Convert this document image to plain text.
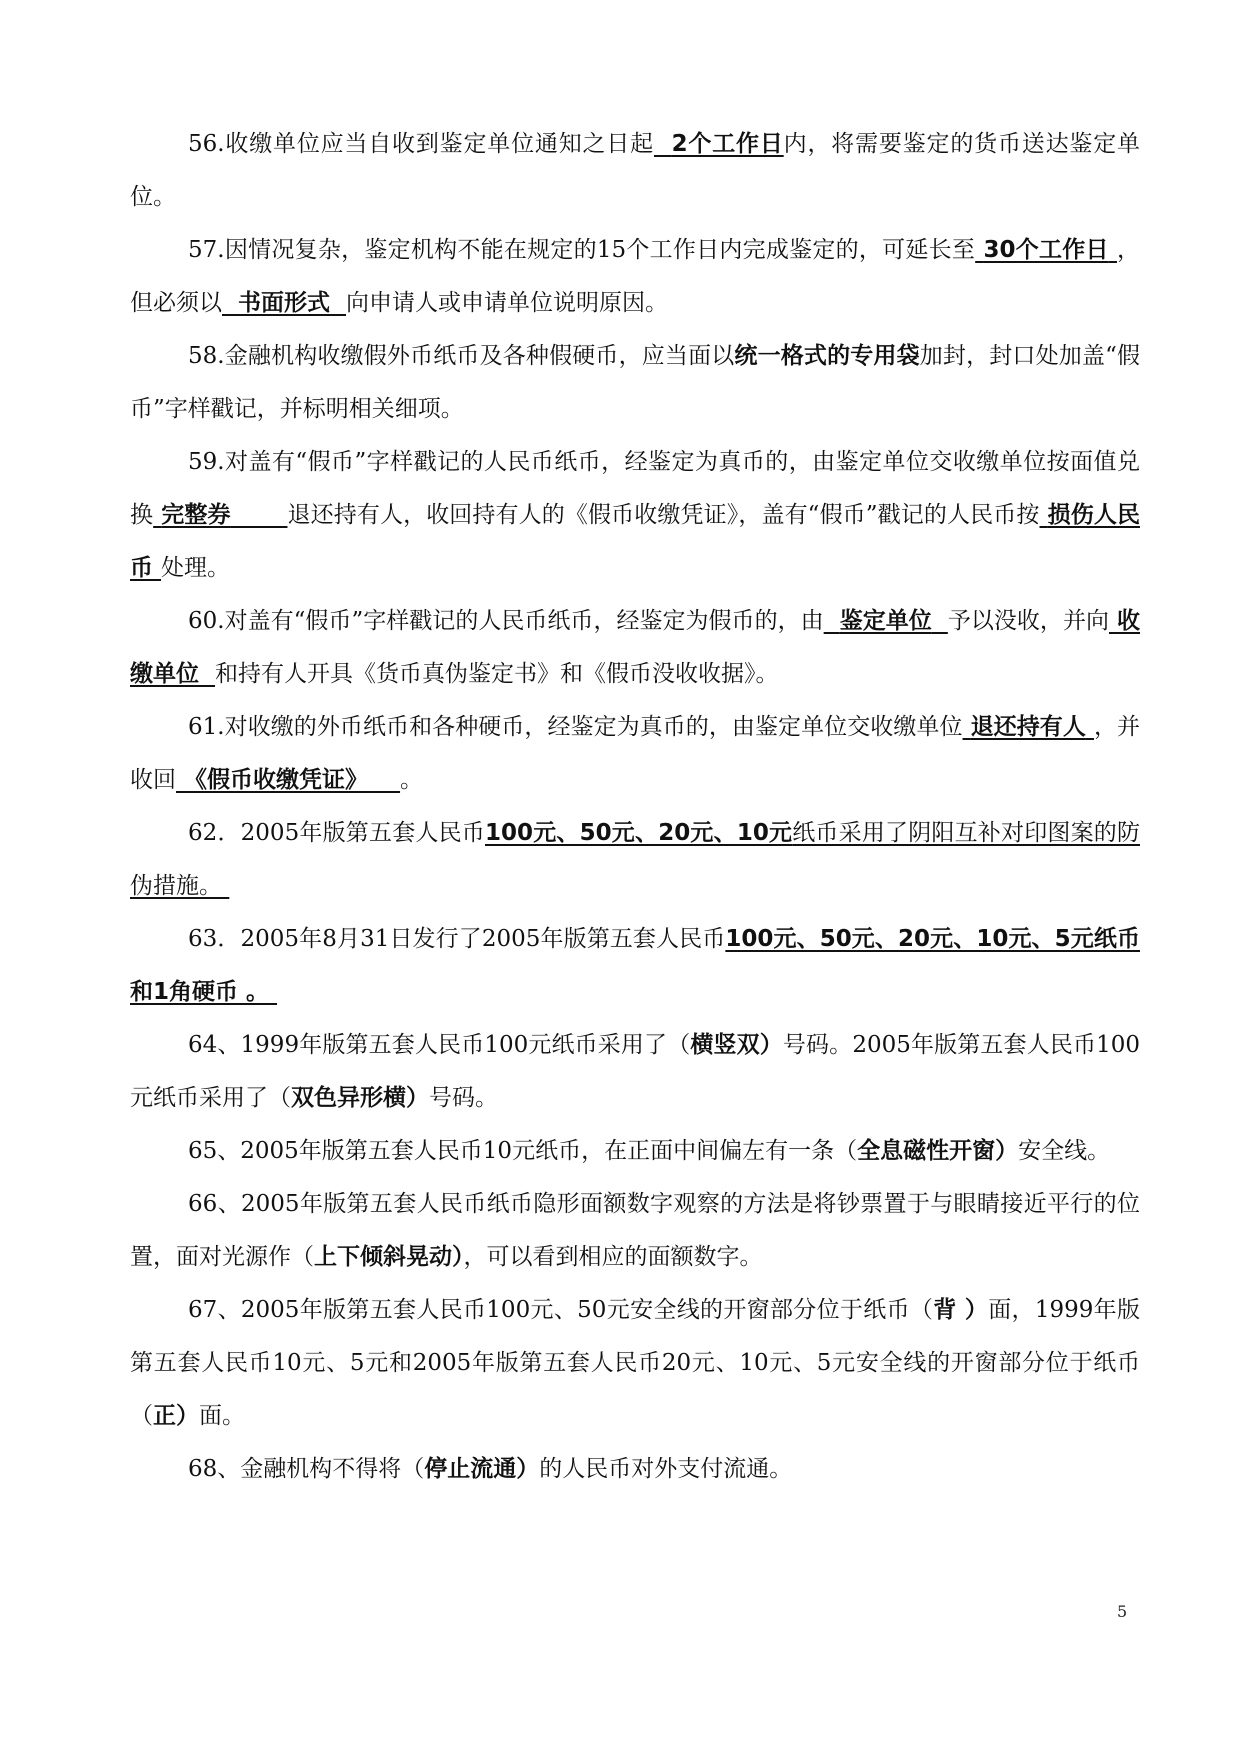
56.收缴单位应当自收到鉴定单位通知之日起 2个工作日内，将需要鉴定的货币送达鉴定单位。

57.因情况复杂，鉴定机构不能在规定的15个工作日内完成鉴定的，可延长至 30个工作日 ，但必须以 书面形式 向申请人或申请单位说明原因。

58.金融机构收缴假外币纸币及各种假硬币，应当面以统一格式的专用袋加封，封口处加盖“假币”字样戳记，并标明相关细项。

59.对盖有“假币”字样戳记的人民币纸币，经鉴定为真币的，由鉴定单位交收缴单位按面值兑换 完整券 退还持有人，收回持有人的《假币收缴凭证》，盖有“假币”戳记的人民币按 损伤人民币 处理。

60.对盖有“假币”字样戳记的人民币纸币，经鉴定为假币的，由 鉴定单位 予以没收，并向 收缴单位 和持有人开具《货币真伪鉴定书》和《假币没收收据》。

61.对收缴的外币纸币和各种硬币，经鉴定为真币的，由鉴定单位交收缴单位 退还持有人 ，并收回 《假币收缴凭证》 。

62．2005年版第五套人民币100元、50元、20元、10元纸币采用了阴阳互补对印图案的防伪措施。

63．2005年8月31日发行了2005年版第五套人民币100元、50元、20元、10元、5元纸币和1角硬币 。

64、1999年版第五套人民币100元纸币采用了（横竖双）号码。2005年版第五套人民币100元纸币采用了（双色异形横）号码。

65、2005年版第五套人民币10元纸币，在正面中间偏左有一条（全息磁性开窗）安全线。

66、2005年版第五套人民币纸币隐形面额数字观察的方法是将钞票置于与眼睛接近平行的位置，面对光源作（上下倾斜晃动），可以看到相应的面额数字。

67、2005年版第五套人民币100元、50元安全线的开窗部分位于纸币（背 ）面，1999年版第五套人民币10元、5元和2005年版第五套人民币20元、10元、5元安全线的开窗部分位于纸币（正）面。

68、金融机构不得将（停止流通）的人民币对外支付流通。

5
